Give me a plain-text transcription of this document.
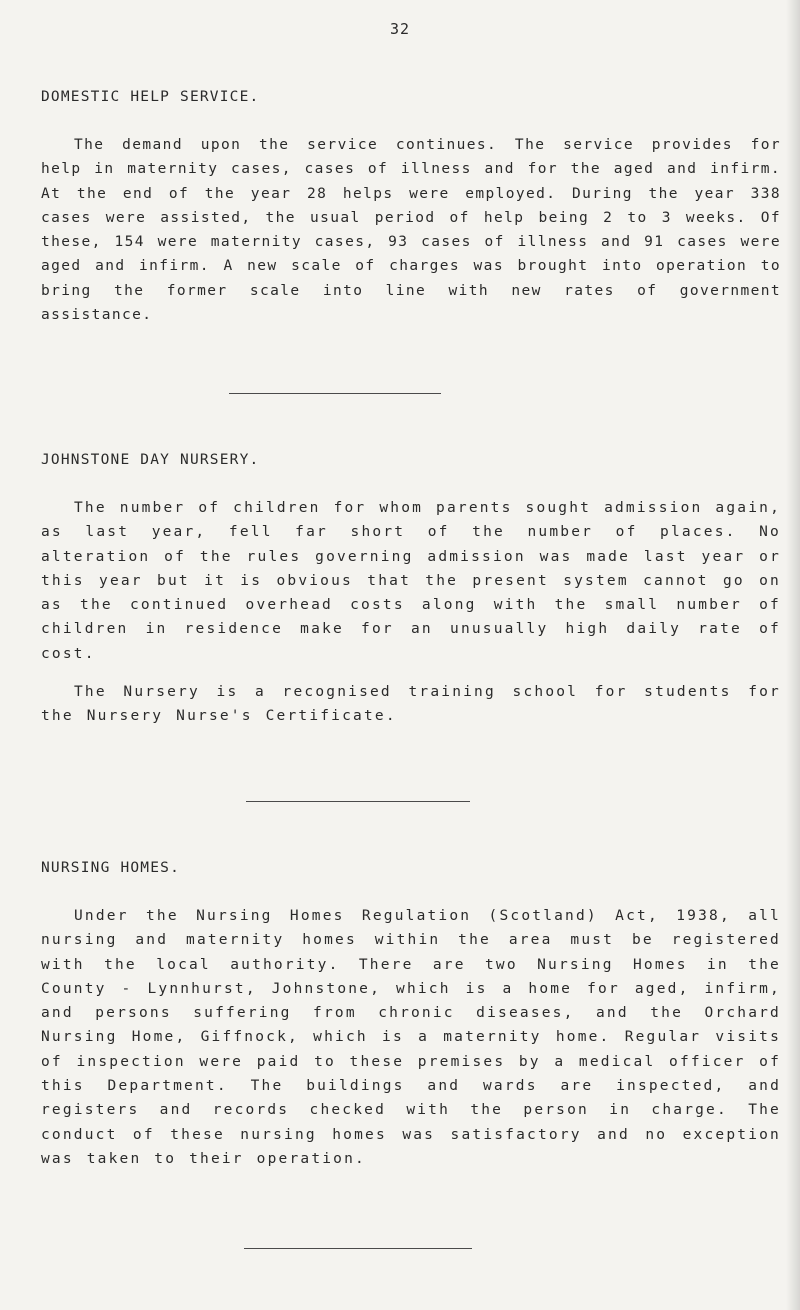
32
DOMESTIC HELP SERVICE.

The demand upon the service continues. The service provides for help in maternity cases, cases of illness and for the aged and infirm. At the end of the year 28 helps were employed. During the year 338 cases were assisted, the usual period of help being 2 to 3 weeks. Of these, 154 were maternity cases, 93 cases of illness and 91 cases were aged and infirm. A new scale of charges was brought into operation to bring the former scale into line with new rates of government assistance.

JOHNSTONE DAY NURSERY.

The number of children for whom parents sought admission again, as last year, fell far short of the number of places. No alteration of the rules governing admission was made last year or this year but it is obvious that the present system cannot go on as the continued overhead costs along with the small number of children in residence make for an unusually high daily rate of cost.

The Nursery is a recognised training school for students for the Nursery Nurse's Certificate.

NURSING HOMES.

Under the Nursing Homes Regulation (Scotland) Act, 1938, all nursing and maternity homes within the area must be registered with the local authority. There are two Nursing Homes in the County - Lynnhurst, Johnstone, which is a home for aged, infirm, and persons suffering from chronic diseases, and the Orchard Nursing Home, Giffnock, which is a maternity home. Regular visits of inspection were paid to these premises by a medical officer of this Department. The buildings and wards are inspected, and registers and records checked with the person in charge. The conduct of these nursing homes was satisfactory and no exception was taken to their operation.
